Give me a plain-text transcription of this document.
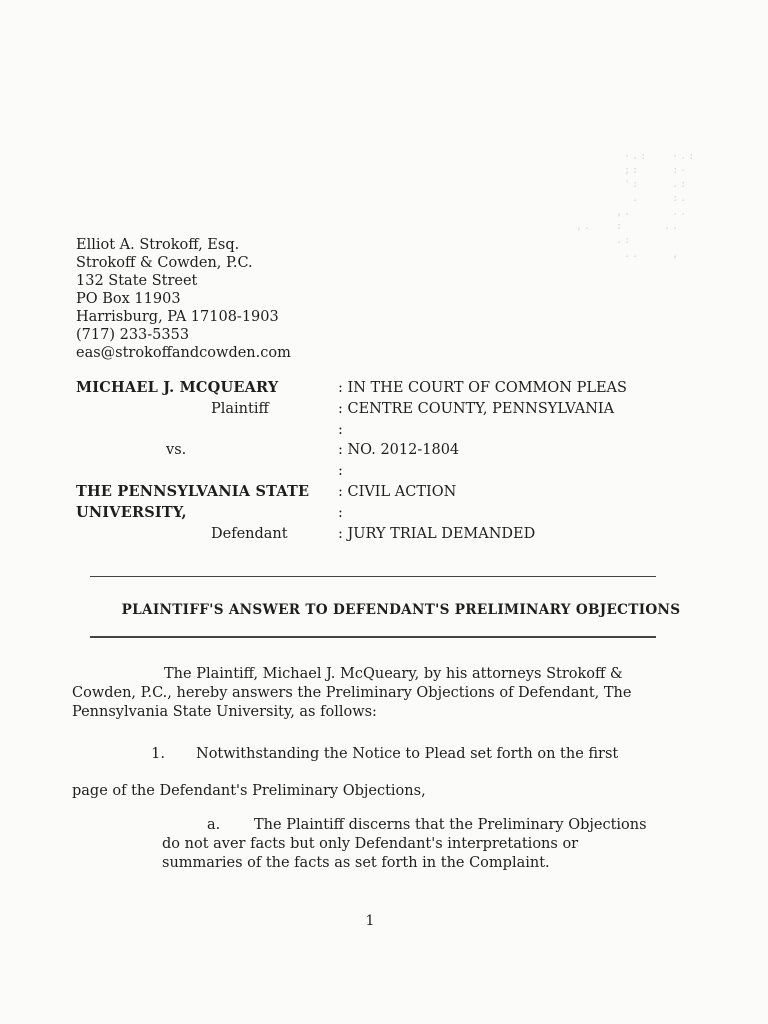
·.:   ·.:
;:    :-
':    .:
.    :.
,.     ..
,.   :     ..
.:
..    ,
Elliot A. Strokoff, Esq.
Strokoff & Cowden, P.C.
132 State Street
PO Box 11903
Harrisburg, PA 17108-1903
(717) 233-5353
eas@strokoffandcowden.com
MICHAEL J. MCQUEARY
Plaintiff
vs.
THE PENNSYLVANIA STATE
UNIVERSITY,
Defendant
: IN THE COURT OF COMMON PLEAS
: CENTRE COUNTY, PENNSYLVANIA
:
: NO. 2012-1804
:
: CIVIL ACTION
:
: JURY TRIAL DEMANDED
PLAINTIFF'S ANSWER TO DEFENDANT'S PRELIMINARY OBJECTIONS
The Plaintiff, Michael J. McQueary, by his attorneys Strokoff &
Cowden, P.C., hereby answers the Preliminary Objections of Defendant, The
Pennsylvania State University, as follows:
1. Notwithstanding the Notice to Plead set forth on the first
page of the Defendant's Preliminary Objections,
a. The Plaintiff discerns that the Preliminary Objections
do not aver facts but only Defendant's interpretations or
summaries of the facts as set forth in the Complaint.
1
